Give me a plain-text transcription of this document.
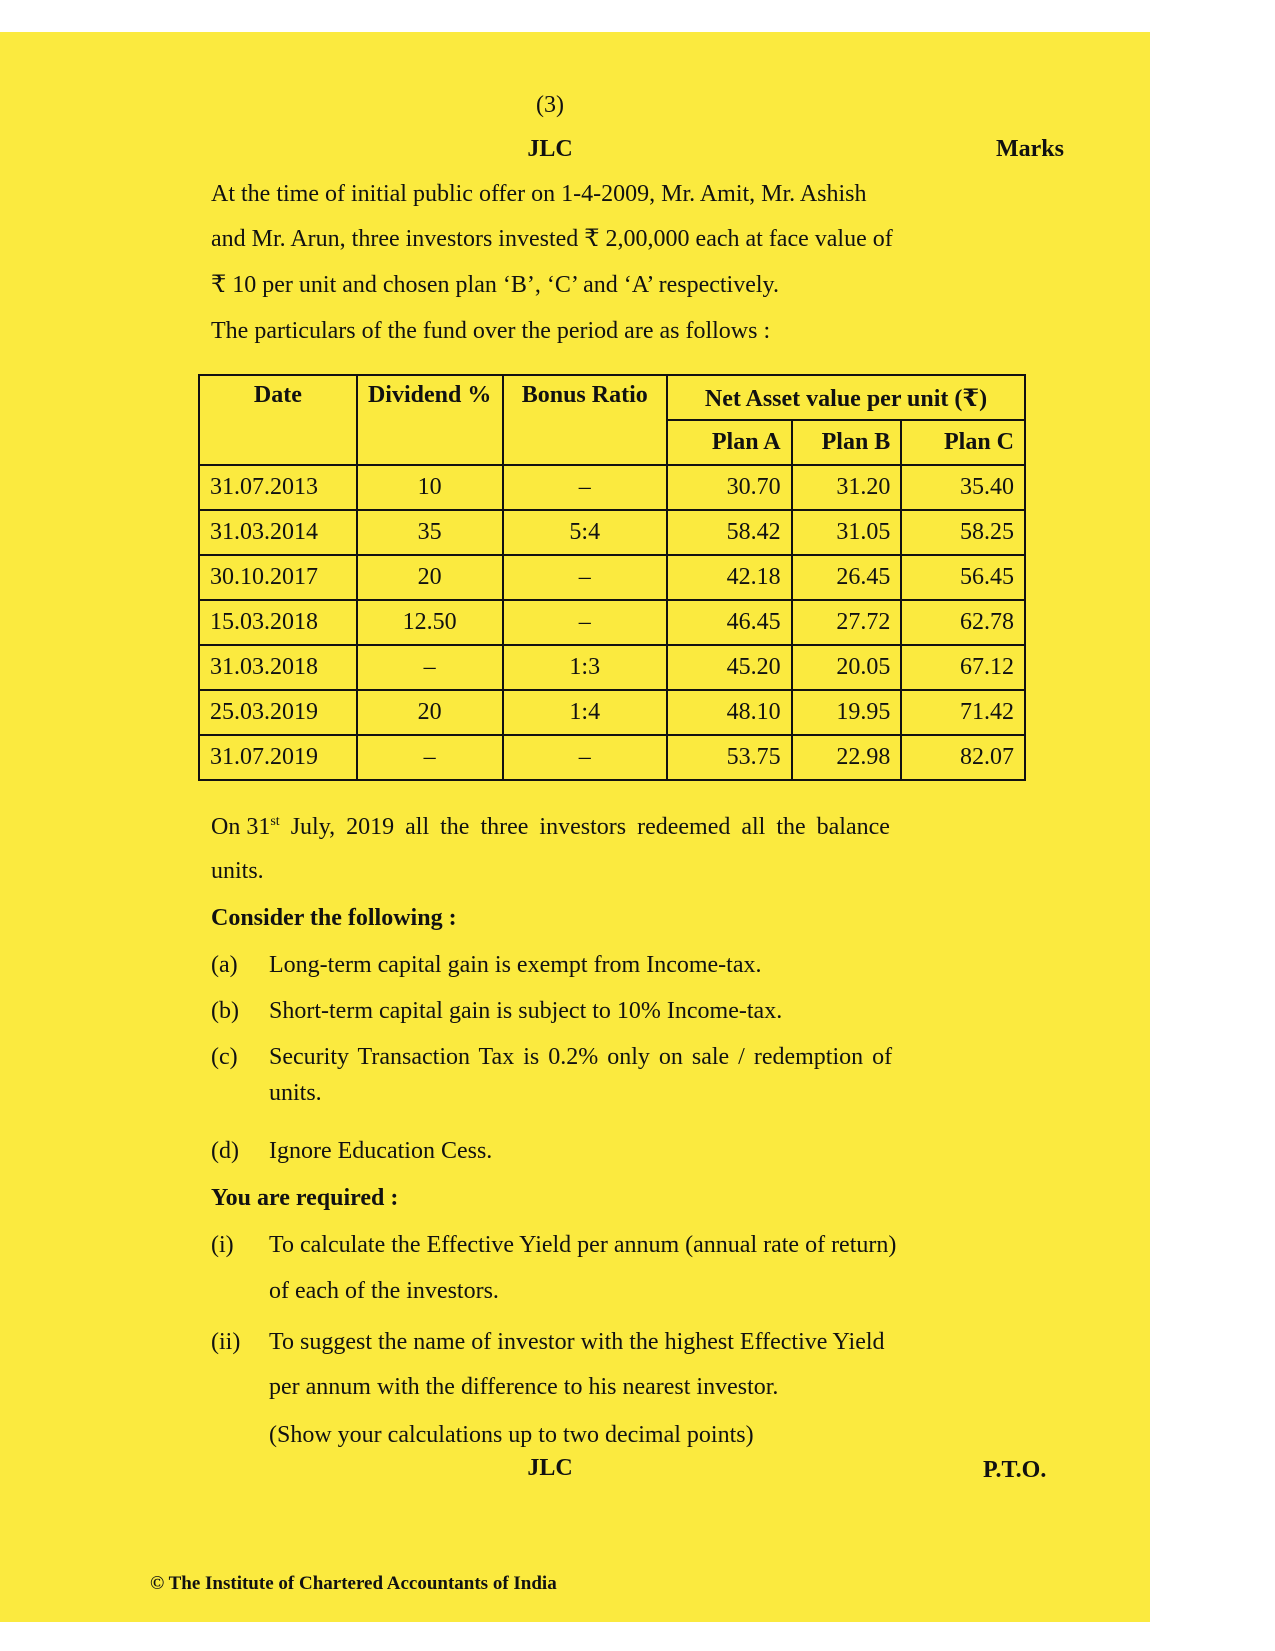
(3)
JLC	Marks
At the time of initial public offer on 1-4-2009, Mr. Amit, Mr. Ashish
and Mr. Arun, three investors invested ₹ 2,00,000 each at face value of
₹ 10 per unit and chosen plan ‘B’, ‘C’ and ‘A’ respectively.
The particulars of the fund over the period are as follows :
Date	Dividend %	Bonus Ratio	Net Asset value per unit (₹)		
			Plan A	Plan B	Plan C
31.07.2013	10	–	30.70	31.20	35.40
31.03.2014	35	5:4	58.42	31.05	58.25
30.10.2017	20	–	42.18	26.45	56.45
15.03.2018	12.50	–	46.45	27.72	62.78
31.03.2018	–	1:3	45.20	20.05	67.12
25.03.2019	20	1:4	48.10	19.95	71.42
31.07.2019	–	–	53.75	22.98	82.07
On 31st July, 2019 all the three investors redeemed all the balance
units.
Consider the following :
(a) Long-term capital gain is exempt from Income-tax.
(b) Short-term capital gain is subject to 10% Income-tax.
(c) Security Transaction Tax is 0.2% only on sale / redemption of
units.
(d) Ignore Education Cess.
You are required :
(i) To calculate the Effective Yield per annum (annual rate of return)
of each of the investors.
(ii) To suggest the name of investor with the highest Effective Yield
per annum with the difference to his nearest investor.
(Show your calculations up to two decimal points)
JLC	P.T.O.
© The Institute of Chartered Accountants of India
